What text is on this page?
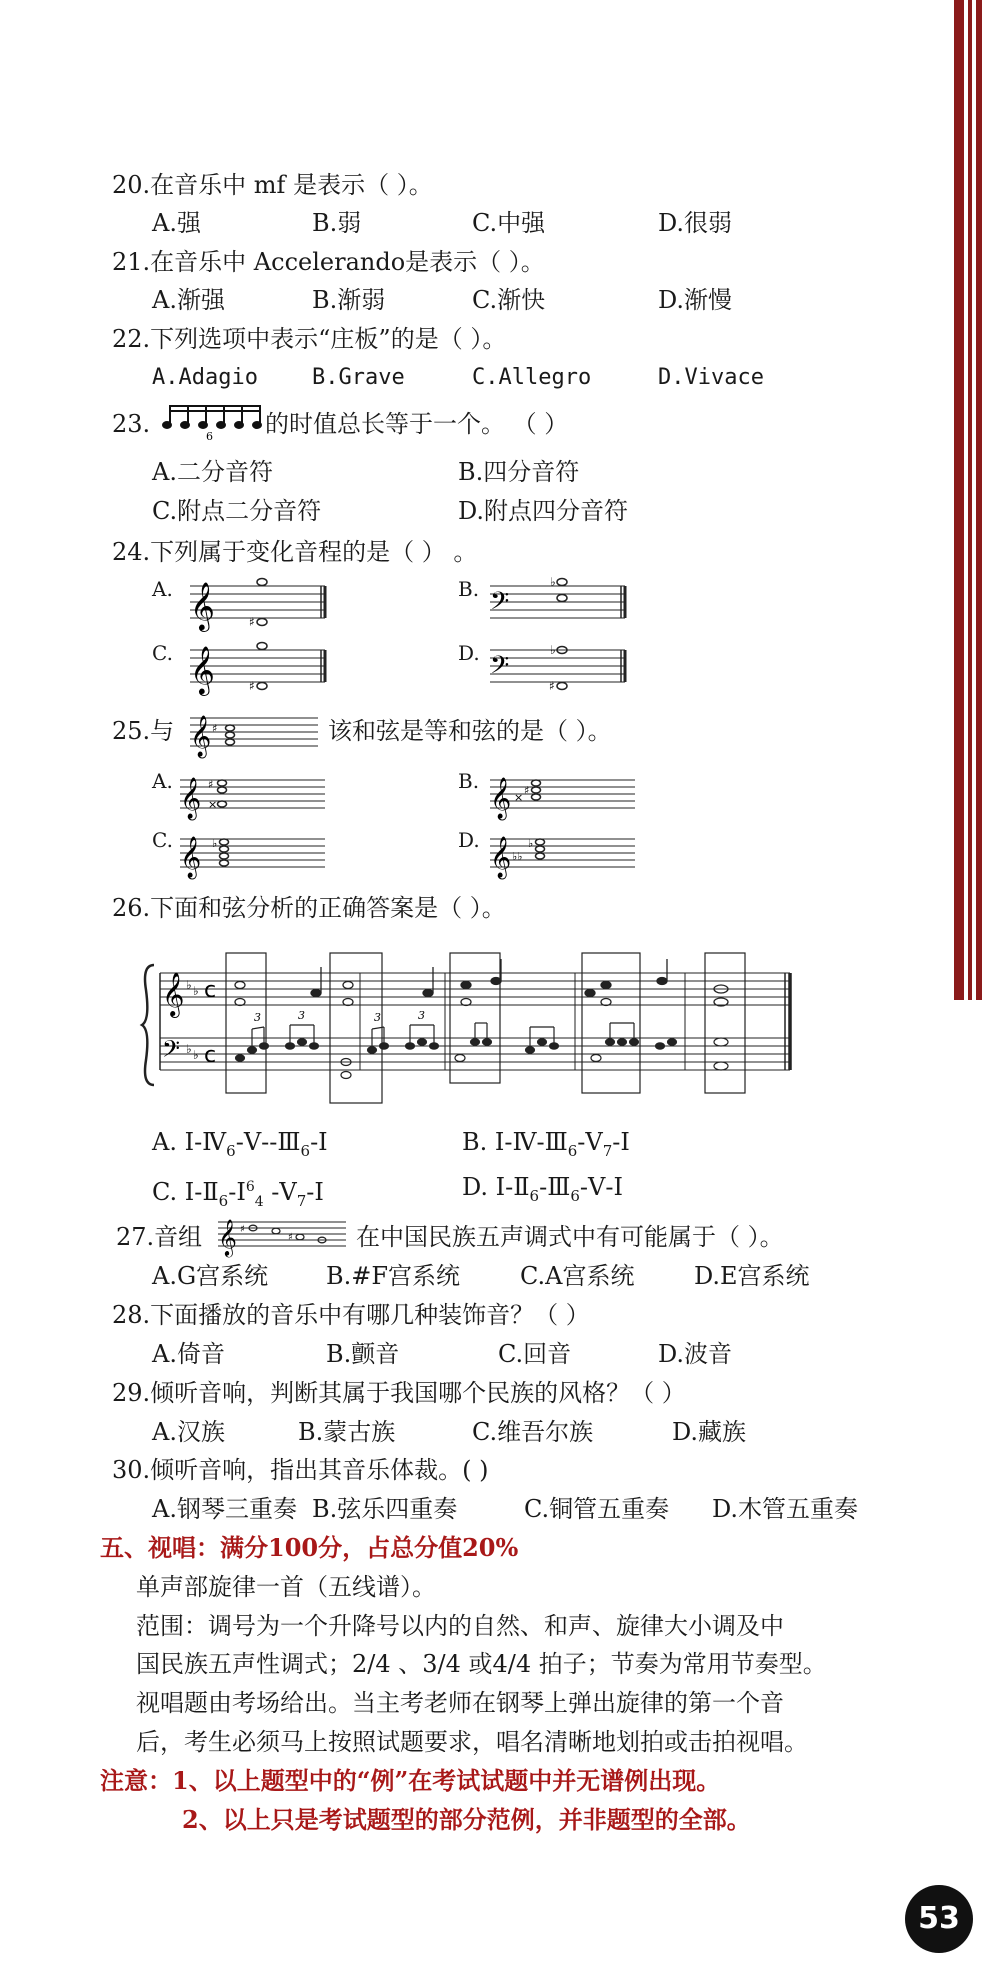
20.在音乐中 mf 是表示（ ）。
A.强	B.弱	C.中强	D.很弱
21.在音乐中 Accelerando是表示（ ）。
A.渐强	B.渐弱	C.渐快	D.渐慢
22.下列选项中表示“庄板”的是（ ）。
A.Adagio B.Grave	C.Allegro	D.Vivace
23.	6 的时值总长等于一个。 （ ）
A.二分音符	B.四分音符
C.附点二分音符	D.附点四分音符
24.下列属于变化音程的是（ ） 。
A.	B.
C.	D.
𝄞	♯	𝄢
♭
𝄞	♯	𝄢
♭
♯
25.与 𝄞 ♯	该和弦是等和弦的是（ ）。
A.	B.
C.	D.
𝄞 ♯
×	𝄞 ♯
×
𝄞 ♭	𝄞 ♭♭
♭
26.下面和弦分析的正确答案是（ ）。
𝄞
𝄢
♭ ♭
♭ ♭
c
c
3	3	3	3
A. $Ⅰ-Ⅳ_6-Ⅴ--Ⅲ_6-Ⅰ$	B. $Ⅰ-Ⅳ-Ⅲ_6-Ⅴ_7-Ⅰ$
C. $Ⅰ-Ⅱ_6-Ⅰ^6_4$ $-Ⅴ_7-Ⅰ$	D. $Ⅰ-Ⅱ_6-Ⅲ_6-Ⅴ-Ⅰ$
27.音组 𝄞 ♯
♯	在中国民族五声调式中有可能属于（ ）。
A.G宫系统 B.#F宫系统 C.A宫系统 D.E宫系统
28.下面播放的音乐中有哪几种装饰音？（ ）
A.倚音	B.颤音	C.回音	D.波音
29.倾听音响，判断其属于我国哪个民族的风格？（ ）
A.汉族	B.蒙古族	C.维吾尔族	D.藏族
30.倾听音响，指出其音乐体裁。( )
A.钢琴三重奏 B.弦乐四重奏	C.铜管五重奏 D.木管五重奏
五、视唱：满分100分，占总分值20%
单声部旋律一首（五线谱）。
范围：调号为一个升降号以内的自然、和声、旋律大小调及中
国民族五声性调式；2/4 、3/4 或4/4 拍子；节奏为常用节奏型。
视唱题由考场给出。当主考老师在钢琴上弹出旋律的第一个音
后，考生必须马上按照试题要求，唱名清晰地划拍或击拍视唱。
注意：1、以上题型中的“例”在考试试题中并无谱例出现。
2、以上只是考试题型的部分范例，并非题型的全部。
53
